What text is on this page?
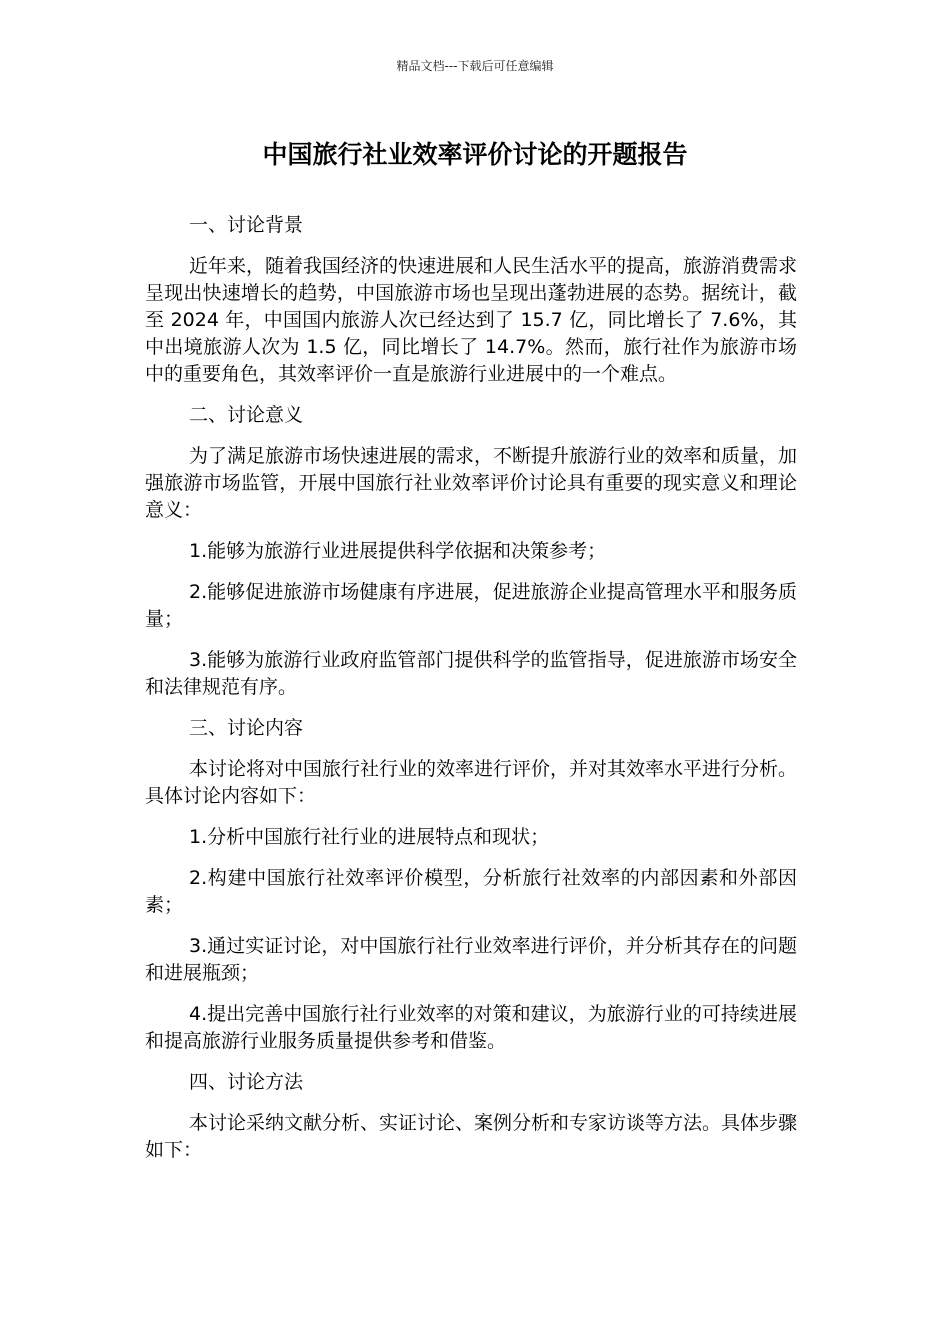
精品文档---下载后可任意编辑
中国旅行社业效率评价讨论的开题报告

一、讨论背景

近年来，随着我国经济的快速进展和人民生活水平的提高，旅游消费需求呈现出快速增长的趋势，中国旅游市场也呈现出蓬勃进展的态势。据统计，截至 2024 年，中国国内旅游人次已经达到了 15.7 亿，同比增长了 7.6%，其中出境旅游人次为 1.5 亿，同比增长了 14.7%。然而，旅行社作为旅游市场中的重要角色，其效率评价一直是旅游行业进展中的一个难点。

二、讨论意义

为了满足旅游市场快速进展的需求，不断提升旅游行业的效率和质量，加强旅游市场监管，开展中国旅行社业效率评价讨论具有重要的现实意义和理论意义：

1.能够为旅游行业进展提供科学依据和决策参考；

2.能够促进旅游市场健康有序进展，促进旅游企业提高管理水平和服务质量；

3.能够为旅游行业政府监管部门提供科学的监管指导，促进旅游市场安全和法律规范有序。

三、讨论内容

本讨论将对中国旅行社行业的效率进行评价，并对其效率水平进行分析。具体讨论内容如下：

1.分析中国旅行社行业的进展特点和现状；

2.构建中国旅行社效率评价模型，分析旅行社效率的内部因素和外部因素；

3.通过实证讨论，对中国旅行社行业效率进行评价，并分析其存在的问题和进展瓶颈；

4.提出完善中国旅行社行业效率的对策和建议，为旅游行业的可持续进展和提高旅游行业服务质量提供参考和借鉴。

四、讨论方法

本讨论采纳文献分析、实证讨论、案例分析和专家访谈等方法。具体步骤如下：
